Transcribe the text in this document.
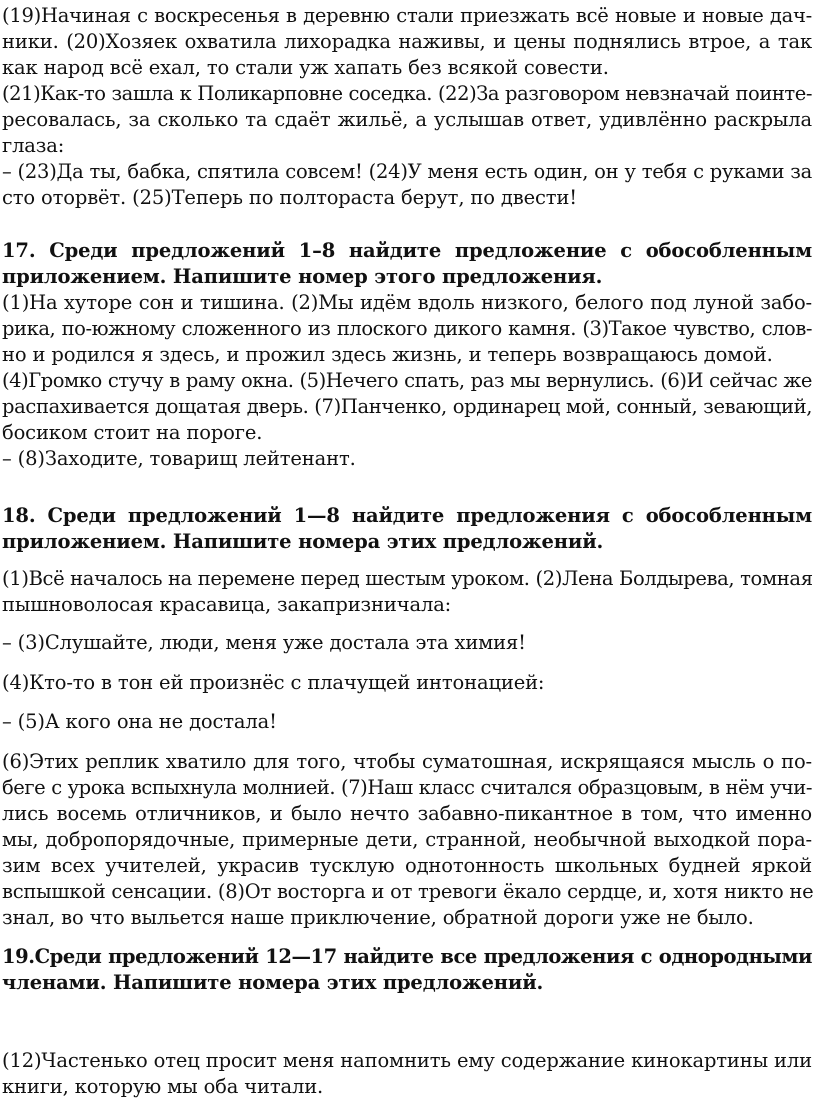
(19)Начиная с воскресенья в деревню стали приезжать всё новые и новые дач-
ники. (20)Хозяек охватила лихорадка наживы, и цены поднялись втрое, а так
как народ всё ехал, то стали уж хапать без всякой совести.
(21)Как-то зашла к Поликарповне соседка. (22)За разговором невзначай поинте-
ресовалась, за сколько та сдаёт жильё, а услышав ответ, удивлённо раскрыла
глаза:
– (23)Да ты, бабка, спятила совсем! (24)У меня есть один, он у тебя с руками за
сто оторвёт. (25)Теперь по полтораста берут, по двести!
17. Среди предложений 1–8 найдите предложение с обособленным
приложением. Напишите номер этого предложения.
(1)На хуторе сон и тишина. (2)Мы идём вдоль низкого, белого под луной забо-
рика, по-южному сложенного из плоского дикого камня. (3)Такое чувство, слов-
но и родился я здесь, и прожил здесь жизнь, и теперь возвращаюсь домой.
(4)Громко стучу в раму окна. (5)Нечего спать, раз мы вернулись. (6)И сейчас же
распахивается дощатая дверь. (7)Панченко, ординарец мой, сонный, зевающий,
босиком стоит на пороге.
– (8)Заходите, товарищ лейтенант.
18. Среди предложений 1—8 найдите предложения с обособленным
приложением. Напишите номера этих предложений.
(1)Всё началось на перемене перед шестым уроком. (2)Лена Болдырева, томная
пышноволосая красавица, закапризничала:
– (3)Слушайте, люди, меня уже достала эта химия!
(4)Кто-то в тон ей произнёс с плачущей интонацией:
– (5)А кого она не достала!
(6)Этих реплик хватило для того, чтобы суматошная, искрящаяся мысль о по-
беге с урока вспыхнула молнией. (7)Наш класс считался образцовым, в нём учи-
лись восемь отличников, и было нечто забавно-пикантное в том, что именно
мы, добропорядочные, примерные дети, странной, необычной выходкой пора-
зим всех учителей, украсив тусклую однотонность школьных будней яркой
вспышкой сенсации. (8)От восторга и от тревоги ёкало сердце, и, хотя никто не
знал, во что выльется наше приключение, обратной дороги уже не было.
19.Среди предложений 12—17 найдите все предложения с однородными
членами. Напишите номера этих предложений.
(12)Частенько отец просит меня напомнить ему содержание кинокартины или
книги, которую мы оба читали.
